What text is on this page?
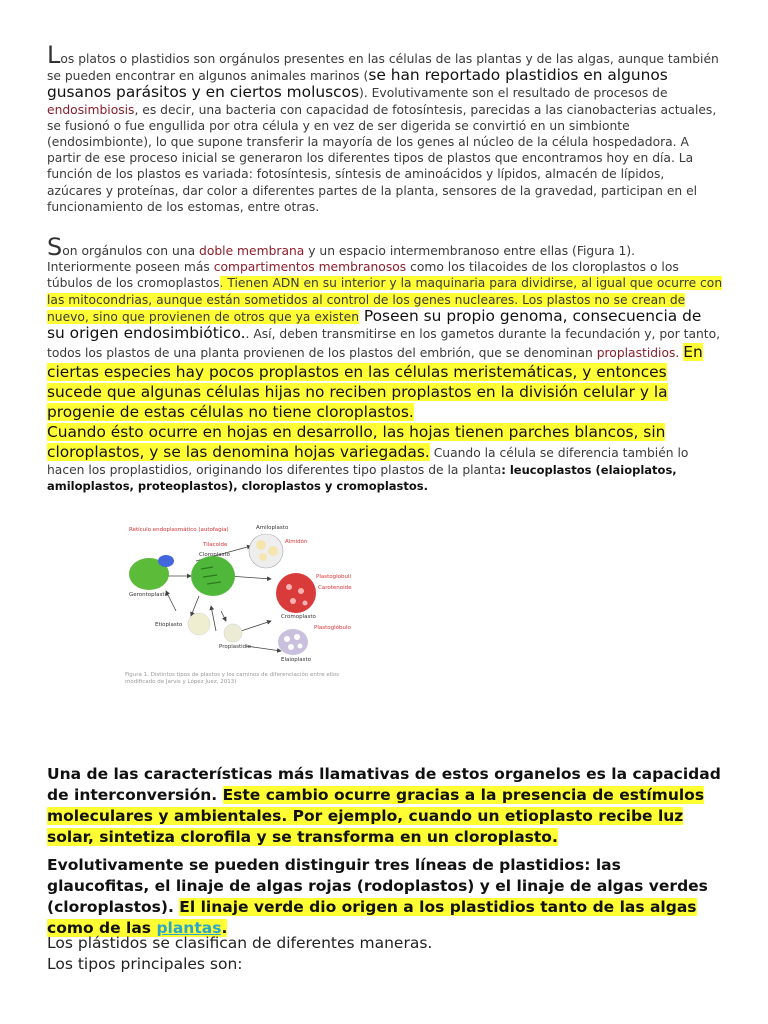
Los platos o plastidios son orgánulos presentes en las células de las plantas y de las algas, aunque también se pueden encontrar en algunos animales marinos (se han reportado plastidios en algunos gusanos parásitos y en ciertos moluscos). Evolutivamente son el resultado de procesos de endosimbiosis, es decir, una bacteria con capacidad de fotosíntesis, parecidas a las cianobacterias actuales, se fusionó o fue engullida por otra célula y en vez de ser digerida se convirtió en un simbionte (endosimbionte), lo que supone transferir la mayoría de los genes al núcleo de la célula hospedadora. A partir de ese proceso inicial se generaron los diferentes tipos de plastos que encontramos hoy en día. La función de los plastos es variada: fotosíntesis, síntesis de aminoácidos y lípidos, almacén de lípidos, azúcares y proteínas, dar color a diferentes partes de la planta, sensores de la gravedad, participan en el funcionamiento de los estomas, entre otras.
Son orgánulos con una doble membrana y un espacio intermembranoso entre ellas (Figura 1). Interiormente poseen más compartimentos membranosos como los tilacoides de los cloroplastos o los túbulos de los cromoplastos. Tienen ADN en su interior y la maquinaria para dividirse, al igual que ocurre con las mitocondrias, aunque están sometidos al control de los genes nucleares. Los plastos no se crean de nuevo, sino que provienen de otros que ya existen Poseen su propio genoma, consecuencia de su origen endosimbiótico.. Así, deben transmitirse en los gametos durante la fecundación y, por tanto, todos los plastos de una planta provienen de los plastos del embrión, que se denominan proplastidios. En ciertas especies hay pocos proplastos en las células meristemáticas, y entonces sucede que algunas células hijas no reciben proplastos en la división celular y la progenie de estas células no tiene cloroplastos.
Cuando ésto ocurre en hojas en desarrollo, las hojas tienen parches blancos, sin cloroplastos, y se las denomina hojas variegadas. Cuando la célula se diferencia también lo hacen los proplastidios, originando los diferentes tipo plastos de la planta: leucoplastos (elaioplatos, amiloplastos, proteoplastos), cloroplastos y cromoplastos.
Retículo endoplasmático (autofagia)
Tilacoide
Cloroplasto
Amiloplasto
Almidón
Plastoglobuli
Carotenoide
Gerontoplasto
Cromoplasto
Etioplasto
Proplastidio
Plastoglóbulo
Elaioplasto
Figura 1. Distintos tipos de plastos y los caminos de diferenciación entre ellos
modificado de Jarvis y López Juez, 2013)
Una de las características más llamativas de estos organelos es la capacidad de interconversión. Este cambio ocurre gracias a la presencia de estímulos moleculares y ambientales. Por ejemplo, cuando un etioplasto recibe luz solar, sintetiza clorofila y se transforma en un cloroplasto.
Evolutivamente se pueden distinguir tres líneas de plastidios: las glaucofitas, el linaje de algas rojas (rodoplastos) y el linaje de algas verdes (cloroplastos). El linaje verde dio origen a los plastidios tanto de las algas como de las plantas.
Los plástidos se clasifican de diferentes maneras.
Los tipos principales son:
